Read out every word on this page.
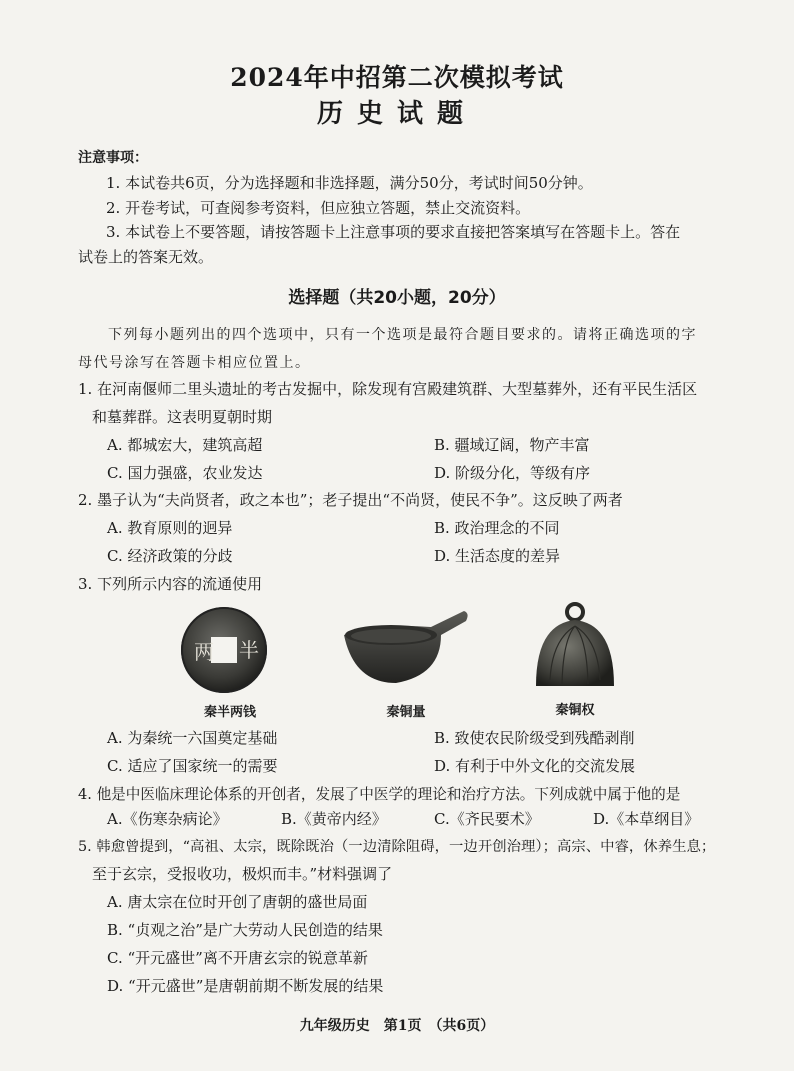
2024年中招第二次模拟考试
历史试题
注意事项：
1. 本试卷共6页，分为选择题和非选择题，满分50分，考试时间50分钟。
2. 开卷考试，可查阅参考资料，但应独立答题，禁止交流资料。
3. 本试卷上不要答题，请按答题卡上注意事项的要求直接把答案填写在答题卡上。答在
试卷上的答案无效。
选择题（共20小题，20分）
下列每小题列出的四个选项中，只有一个选项是最符合题目要求的。请将正确选项的字
母代号涂写在答题卡相应位置上。
1. 在河南偃师二里头遗址的考古发掘中，除发现有宫殿建筑群、大型墓葬外，还有平民生活区
和墓葬群。这表明夏朝时期
A. 都城宏大，建筑高超	B. 疆域辽阔，物产丰富
C. 国力强盛，农业发达	D. 阶级分化，等级有序
2. 墨子认为“夫尚贤者，政之本也”；老子提出“不尚贤，使民不争”。这反映了两者
A. 教育原则的迥异	B. 政治理念的不同
C. 经济政策的分歧	D. 生活态度的差异
3. 下列所示内容的流通使用
两 半
秦半两钱	秦铜量	秦铜权
A. 为秦统一六国奠定基础	B. 致使农民阶级受到残酷剥削
C. 适应了国家统一的需要	D. 有利于中外文化的交流发展
4. 他是中医临床理论体系的开创者，发展了中医学的理论和治疗方法。下列成就中属于他的是
A.《伤寒杂病论》	B.《黄帝内经》	C.《齐民要术》	D.《本草纲目》
5. 韩愈曾提到，“高祖、太宗，既除既治（一边清除阻碍，一边开创治理）；高宗、中睿，休养生息；
至于玄宗，受报收功，极炽而丰。”材料强调了
A. 唐太宗在位时开创了唐朝的盛世局面
B. “贞观之治”是广大劳动人民创造的结果
C. “开元盛世”离不开唐玄宗的锐意革新
D. “开元盛世”是唐朝前期不断发展的结果
九年级历史　第1页　（共6页）
